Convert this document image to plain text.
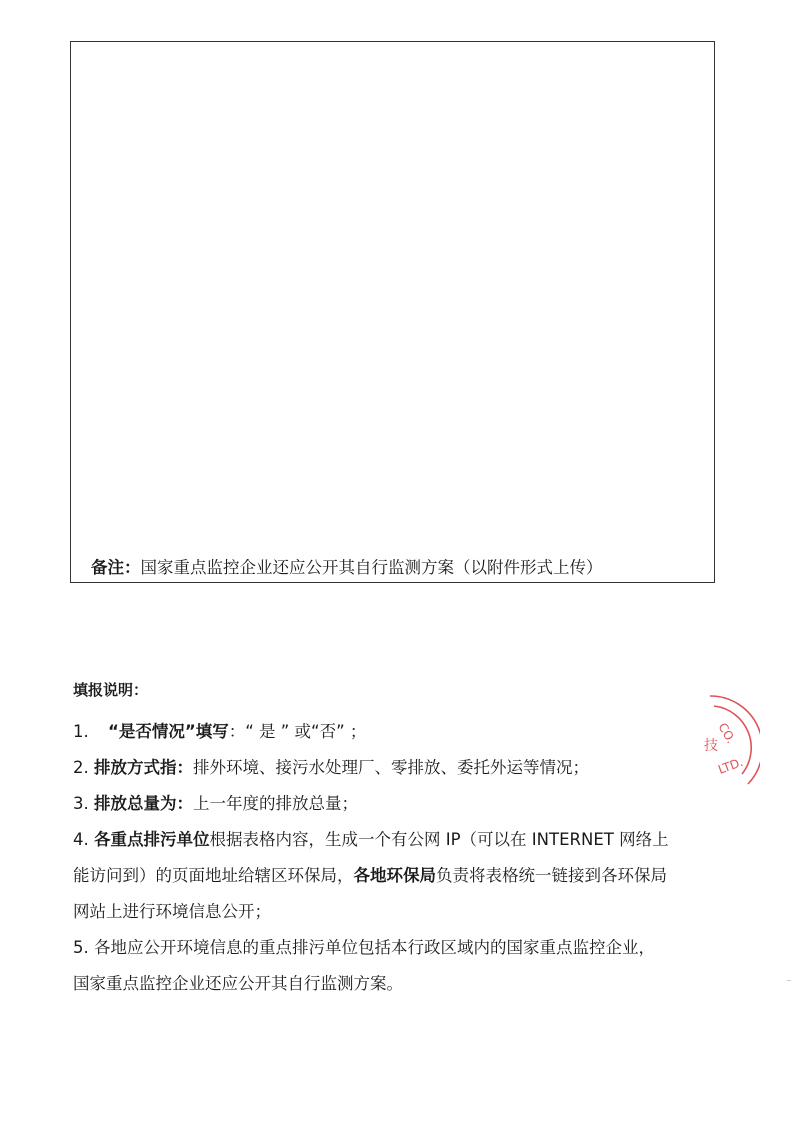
备注：国家重点监控企业还应公开其自行监测方案（以附件形式上传）
填报说明：
1. “是否情况”填写：“ 是 ” 或“否” ；
2. 排放方式指：排外环境、接污水处理厂、零排放、委托外运等情况；
3. 排放总量为：上一年度的排放总量；
4. 各重点排污单位根据表格内容，生成一个有公网 IP（可以在 INTERNET 网络上
能访问到）的页面地址给辖区环保局，各地环保局负责将表格统一链接到各环保局
网站上进行环境信息公开；
5. 各地应公开环境信息的重点排污单位包括本行政区域内的国家重点监控企业，
国家重点监控企业还应公开其自行监测方案。
CO.
LTD.
技
